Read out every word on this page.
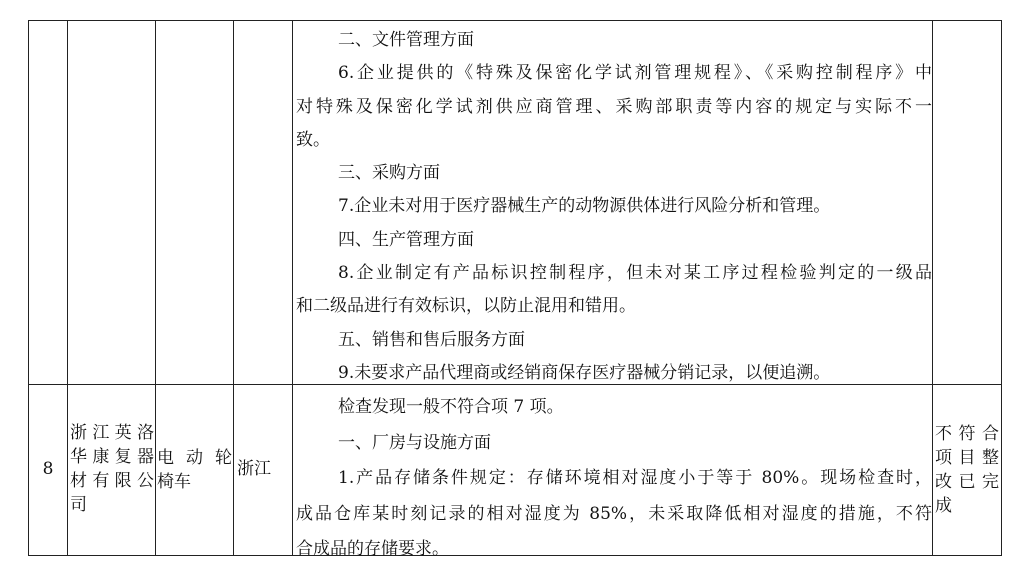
二、文件管理方面

6.企业提供的《特殊及保密化学试剂管理规程》、《采购控制程序》中

对特殊及保密化学试剂供应商管理、采购部职责等内容的规定与实际不一

致。

三、采购方面

7.企业未对用于医疗器械生产的动物源供体进行风险分析和管理。

四、生产管理方面

8.企业制定有产品标识控制程序，但未对某工序过程检验判定的一级品

和二级品进行有效标识，以防止混用和错用。

五、销售和售后服务方面

9.未要求产品代理商或经销商保存医疗器械分销记录，以便追溯。

8
浙江英洛
华康复器
材有限公
司
电 动 轮
椅车
浙江

检查发现一般不符合项 7 项。

一、厂房与设施方面

1.产品存储条件规定：存储环境相对湿度小于等于 80%。现场检查时，

成品仓库某时刻记录的相对湿度为 85%，未采取降低相对湿度的措施，不符

合成品的存储要求。

不 符 合
项 目 整
改 已 完
成
